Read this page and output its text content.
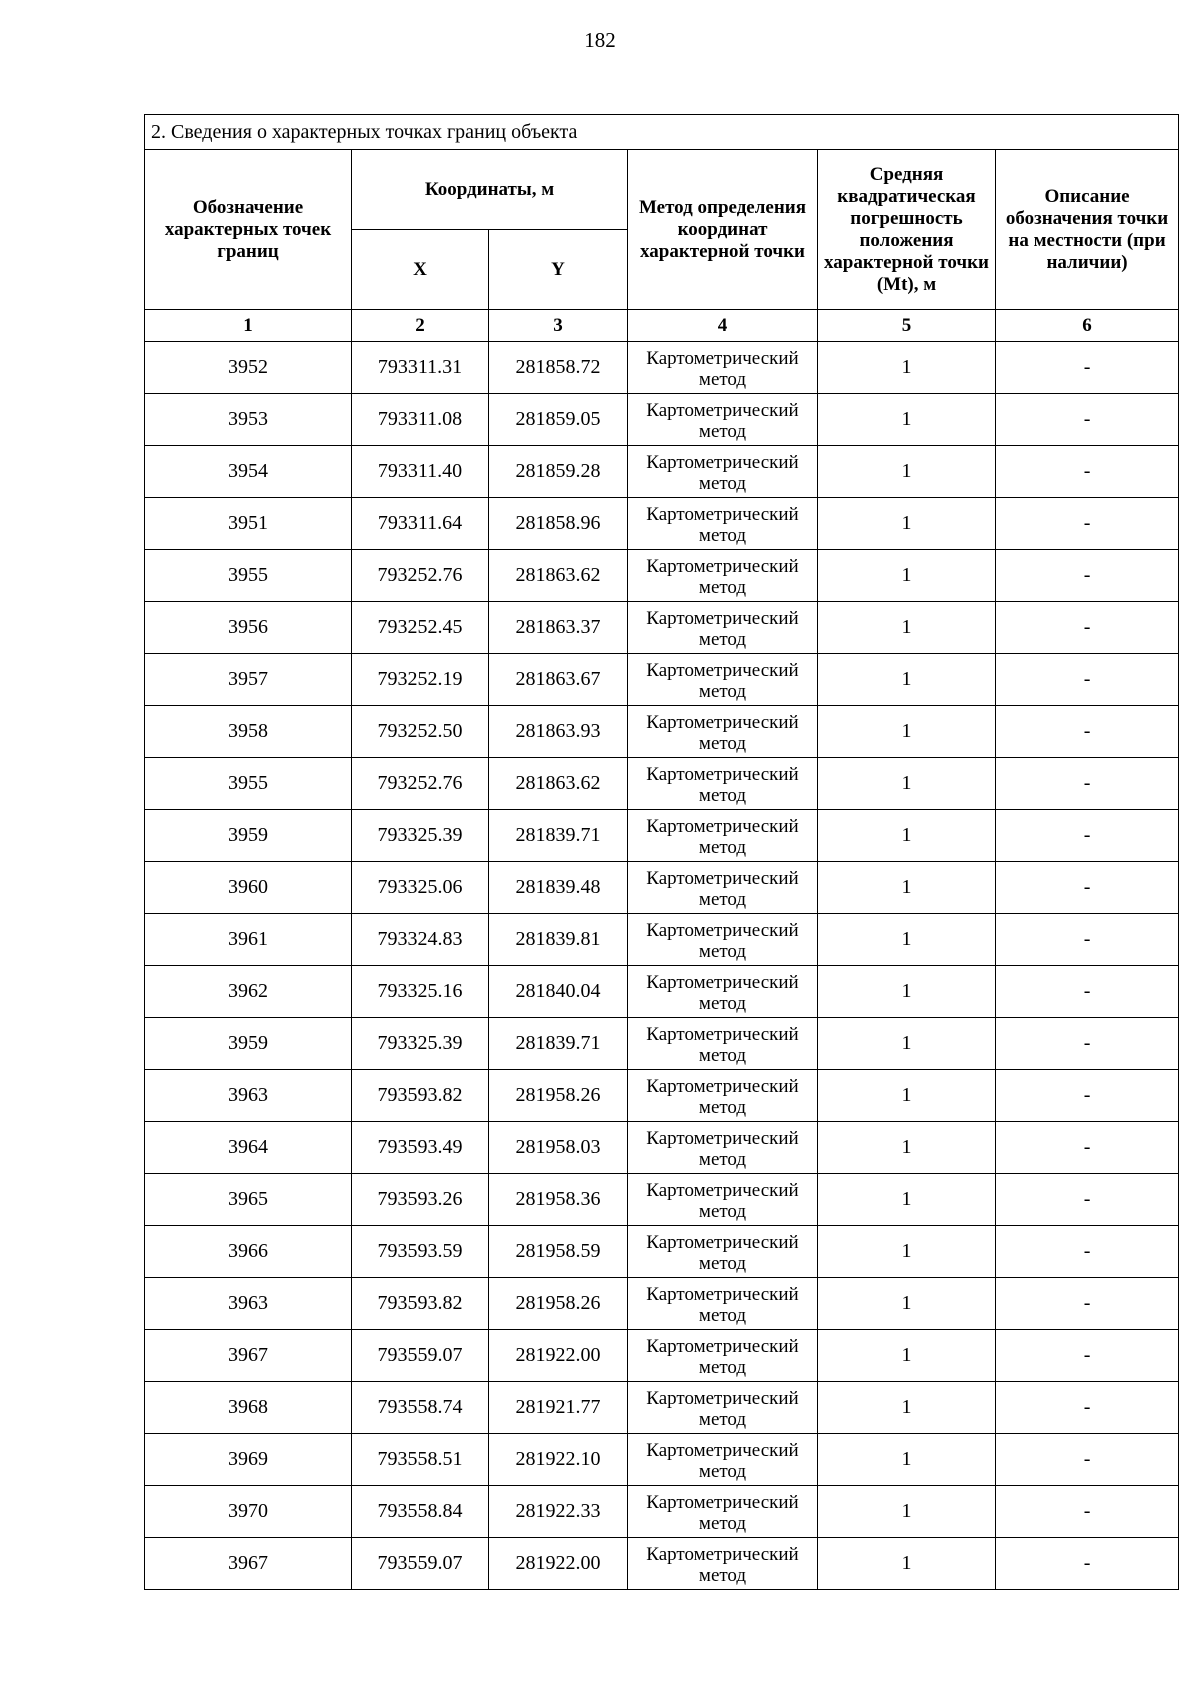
182
2. Сведения о характерных точках границ объекта					
Обозначение характерных точек границ	Координаты, м		Метод определения координат характерной точки	Средняя квадратическая погрешность положения характерной точки (Mt), м	Описание обозначения точки на местности (при наличии)
	X	Y			
1	2	3	4	5	6
3952	793311.31	281858.72	Картометрический метод	1	-
3953	793311.08	281859.05	Картометрический метод	1	-
3954	793311.40	281859.28	Картометрический метод	1	-
3951	793311.64	281858.96	Картометрический метод	1	-
3955	793252.76	281863.62	Картометрический метод	1	-
3956	793252.45	281863.37	Картометрический метод	1	-
3957	793252.19	281863.67	Картометрический метод	1	-
3958	793252.50	281863.93	Картометрический метод	1	-
3955	793252.76	281863.62	Картометрический метод	1	-
3959	793325.39	281839.71	Картометрический метод	1	-
3960	793325.06	281839.48	Картометрический метод	1	-
3961	793324.83	281839.81	Картометрический метод	1	-
3962	793325.16	281840.04	Картометрический метод	1	-
3959	793325.39	281839.71	Картометрический метод	1	-
3963	793593.82	281958.26	Картометрический метод	1	-
3964	793593.49	281958.03	Картометрический метод	1	-
3965	793593.26	281958.36	Картометрический метод	1	-
3966	793593.59	281958.59	Картометрический метод	1	-
3963	793593.82	281958.26	Картометрический метод	1	-
3967	793559.07	281922.00	Картометрический метод	1	-
3968	793558.74	281921.77	Картометрический метод	1	-
3969	793558.51	281922.10	Картометрический метод	1	-
3970	793558.84	281922.33	Картометрический метод	1	-
3967	793559.07	281922.00	Картометрический метод	1	-
